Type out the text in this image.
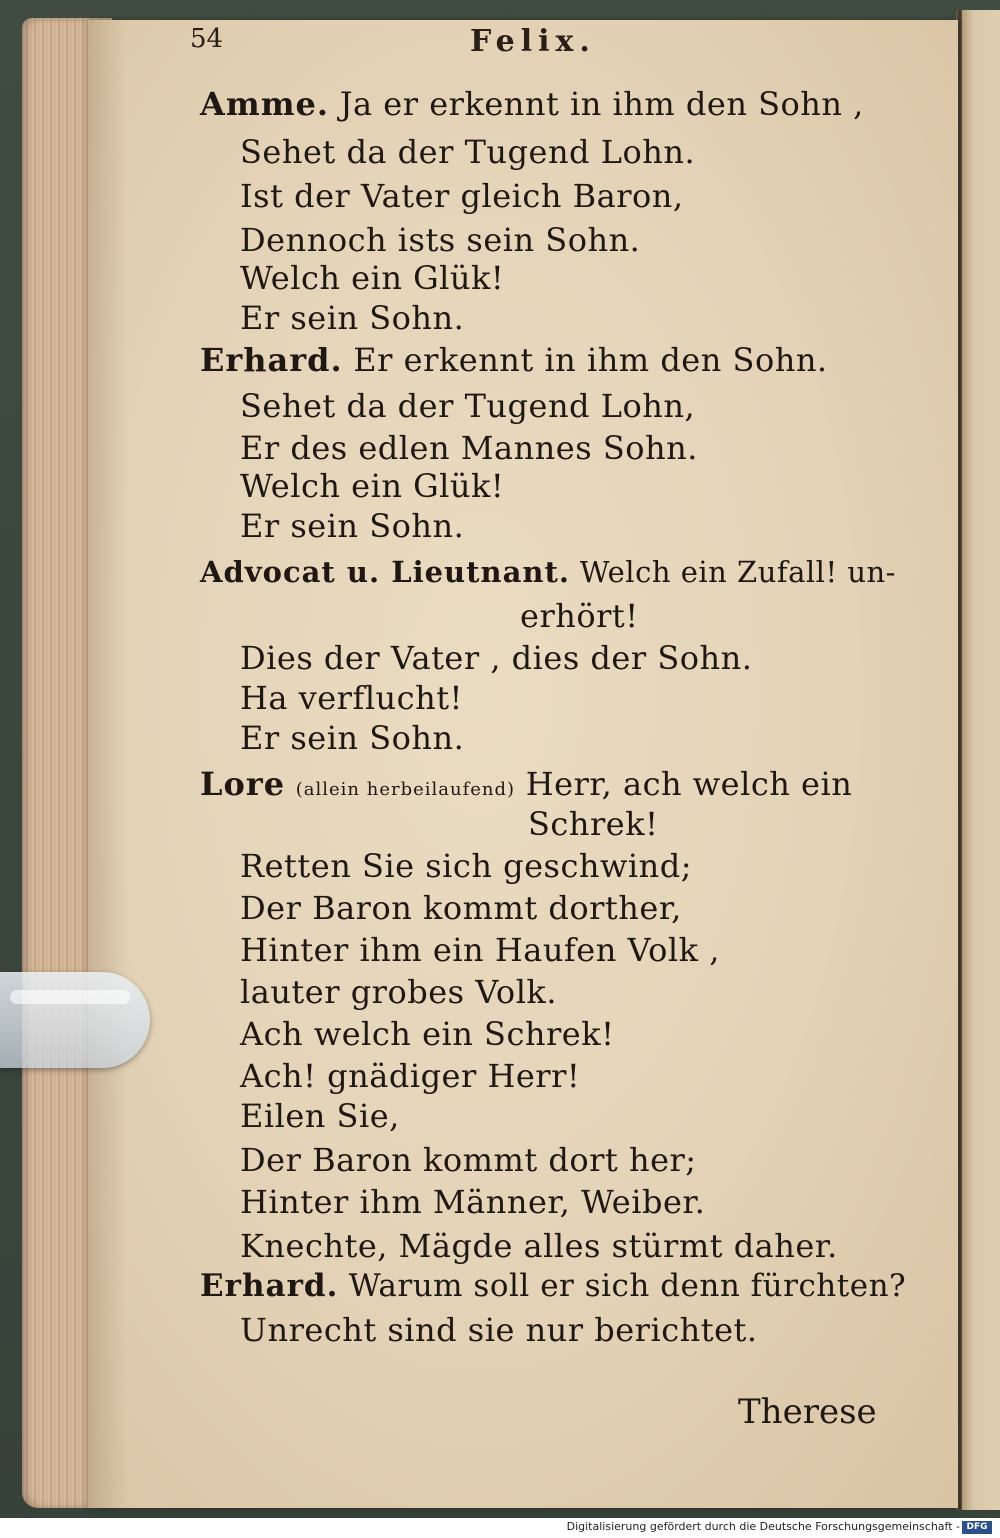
54	Felix.
Amme. Ja er erkennt in ihm den Sohn ,
Sehet da der Tugend Lohn.
Ist der Vater gleich Baron,
Dennoch ists sein Sohn.
Welch ein Glük!
Er sein Sohn.
Erhard. Er erkennt in ihm den Sohn.
Sehet da der Tugend Lohn,
Er des edlen Mannes Sohn.
Welch ein Glük!
Er sein Sohn.
Advocat u. Lieutnant. Welch ein Zufall! un-
erhört!
Dies der Vater , dies der Sohn.
Ha verflucht!
Er sein Sohn.
Lore (allein herbeilaufend) Herr, ach welch ein
Schrek!
Retten Sie sich geschwind;
Der Baron kommt dorther,
Hinter ihm ein Haufen Volk ,
lauter grobes Volk.
Ach welch ein Schrek!
Ach! gnädiger Herr!
Eilen Sie,
Der Baron kommt dort her;
Hinter ihm Männer, Weiber.
Knechte, Mägde alles stürmt daher.
Erhard. Warum soll er sich denn fürchten?
Unrecht sind sie nur berichtet.
Therese
Digitalisierung gefördert durch die Deutsche Forschungsgemeinschaft - DFG
